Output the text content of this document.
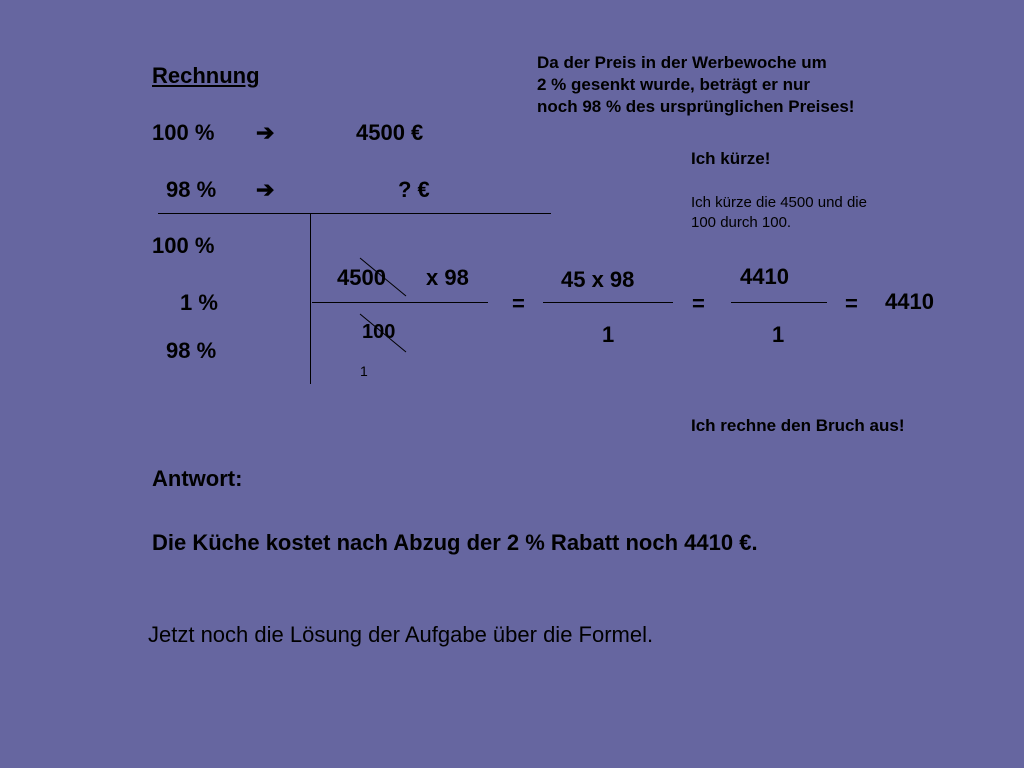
Rechnung
Da der Preis in der Werbewoche um
2 % gesenkt wurde, beträgt er nur
noch 98 % des ursprünglichen Preises!
100 % ➔	4500 €
98 % ➔	? €
100 %
1 %
98 %
4500 x 98
100
1
=
45 x 98
1
=
4410
1
= 4410
Ich kürze!
Ich kürze die 4500 und die
100 durch 100.
Ich rechne den Bruch aus!
Antwort:
Die Küche kostet nach Abzug der 2 % Rabatt noch 4410 €.
Jetzt noch die Lösung der Aufgabe über die Formel.
